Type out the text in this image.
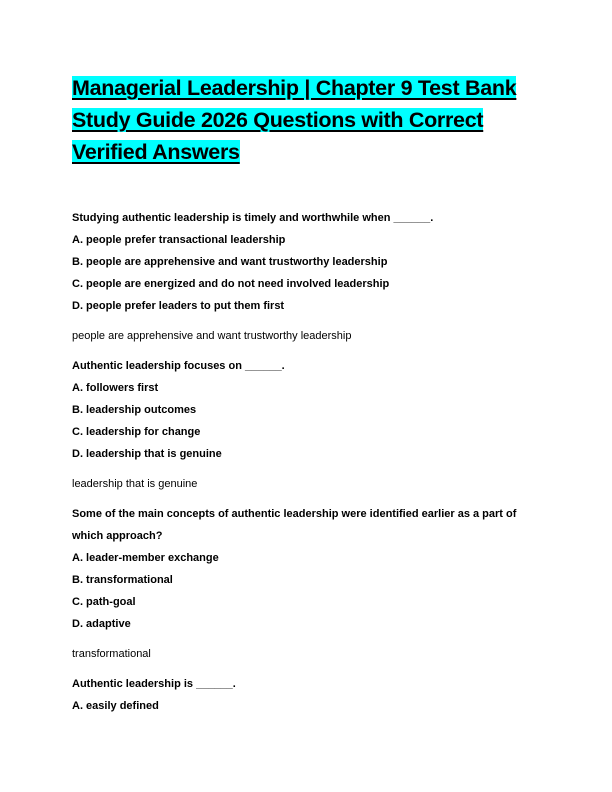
Managerial Leadership | Chapter 9 Test Bank Study Guide 2026 Questions with Correct Verified Answers

Studying authentic leadership is timely and worthwhile when ______.

A. people prefer transactional leadership

B. people are apprehensive and want trustworthy leadership

C. people are energized and do not need involved leadership

D. people prefer leaders to put them first

people are apprehensive and want trustworthy leadership

Authentic leadership focuses on ______.

A. followers first

B. leadership outcomes

C. leadership for change

D. leadership that is genuine

leadership that is genuine

Some of the main concepts of authentic leadership were identified earlier as a part of which approach?

A. leader-member exchange

B. transformational

C. path-goal

D. adaptive

transformational

Authentic leadership is ______.

A. easily defined
